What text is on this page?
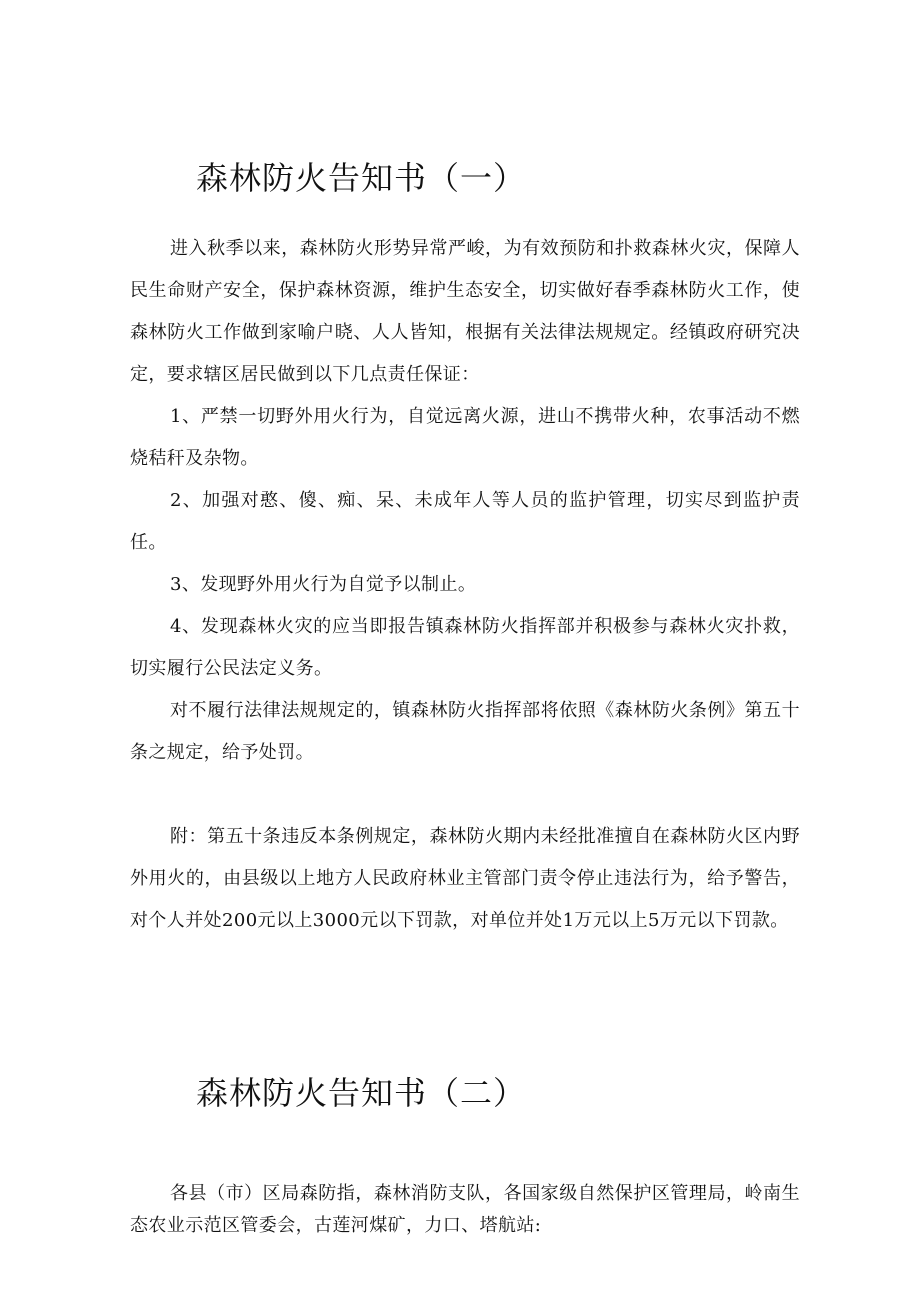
森林防火告知书（一）

进入秋季以来，森林防火形势异常严峻，为有效预防和扑救森林火灾，保障人民生命财产安全，保护森林资源，维护生态安全，切实做好春季森林防火工作，使森林防火工作做到家喻户晓、人人皆知，根据有关法律法规规定。经镇政府研究决定，要求辖区居民做到以下几点责任保证：

1、严禁一切野外用火行为，自觉远离火源，进山不携带火种，农事活动不燃烧秸秆及杂物。

2、加强对憨、傻、痴、呆、未成年人等人员的监护管理，切实尽到监护责任。

3、发现野外用火行为自觉予以制止。

4、发现森林火灾的应当即报告镇森林防火指挥部并积极参与森林火灾扑救，切实履行公民法定义务。

对不履行法律法规规定的，镇森林防火指挥部将依照《森林防火条例》第五十条之规定，给予处罚。

附：第五十条违反本条例规定，森林防火期内未经批准擅自在森林防火区内野外用火的，由县级以上地方人民政府林业主管部门责令停止违法行为，给予警告，对个人并处200元以上3000元以下罚款，对单位并处1万元以上5万元以下罚款。

森林防火告知书（二）

各县（市）区局森防指，森林消防支队，各国家级自然保护区管理局，岭南生态农业示范区管委会，古莲河煤矿，力口、塔航站:
